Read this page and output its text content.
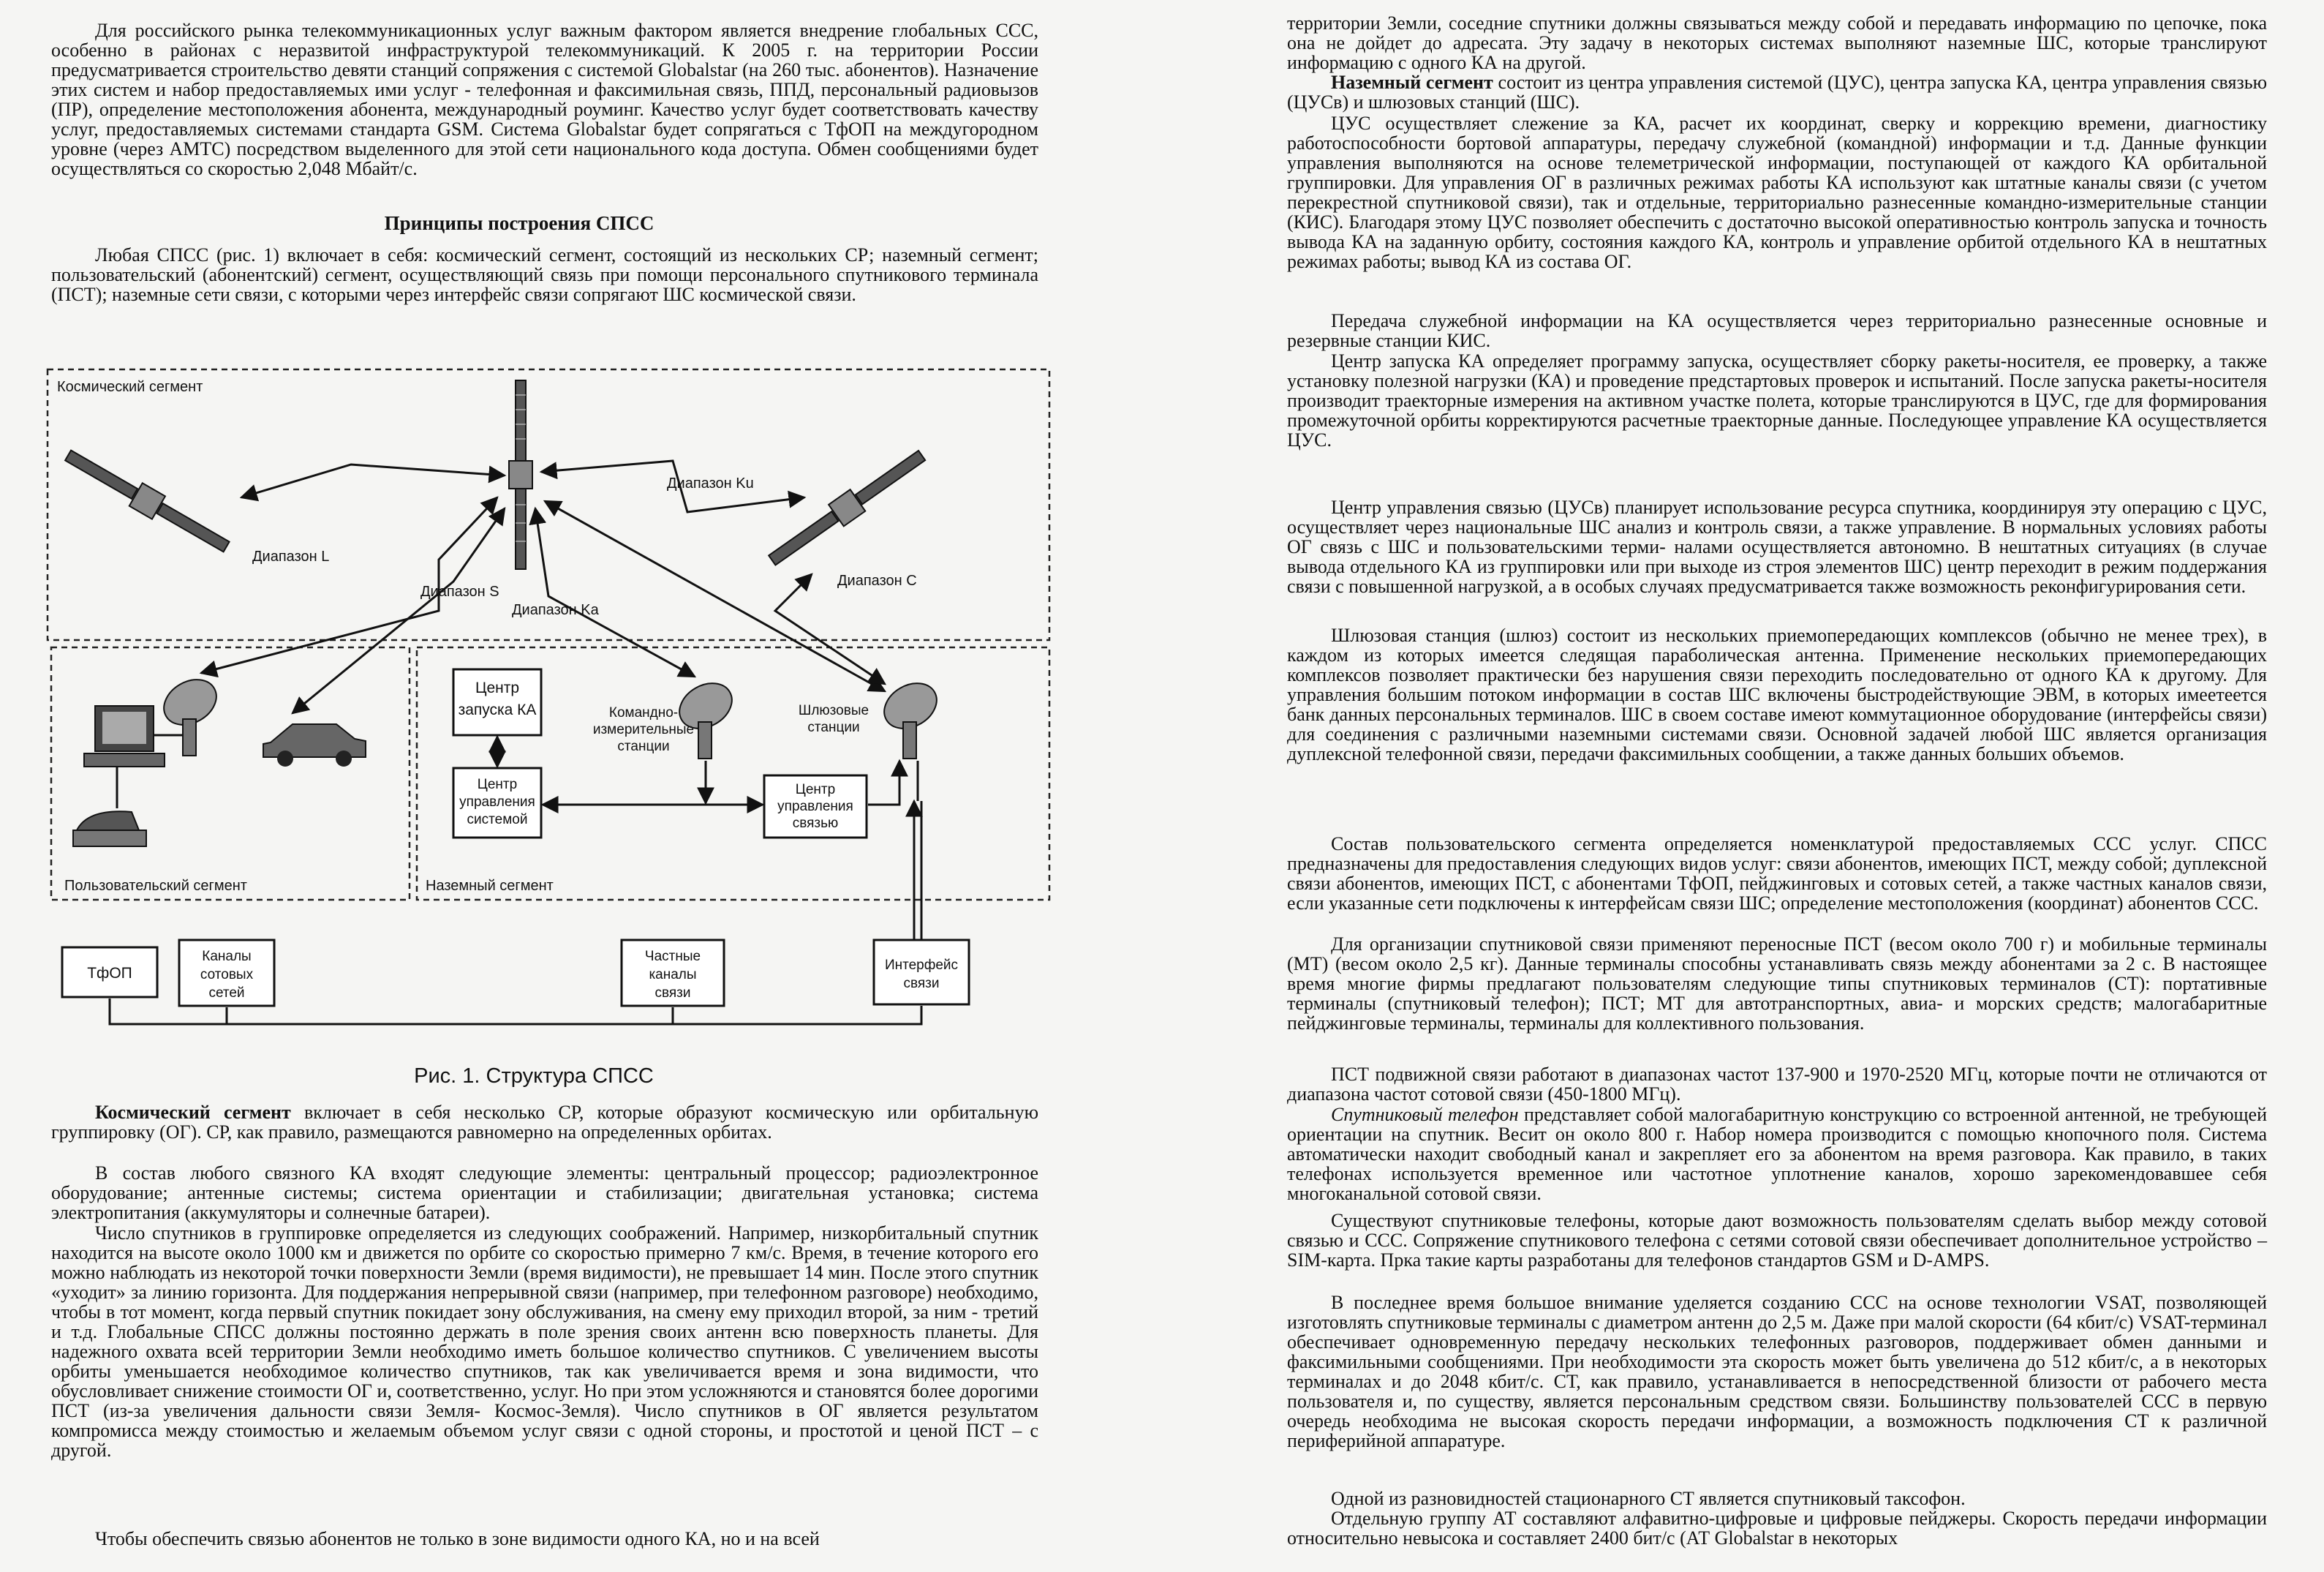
Для российского рынка телекоммуникационных услуг важным фактором является внедрение глобальных ССС, особенно в районах с неразвитой инфраструктурой телекоммуникаций. К 2005 г. на территории России предусматривается строительство девяти станций сопряжения с системой Globalstar (на 260 тыс. абонентов). Назначение этих систем и набор предоставляемых ими услуг - телефонная и факсимильная связь, ППД, персональный радиовызов (ПР), определение местоположения абонента, международный роуминг. Качество услуг будет соответствовать качеству услуг, предоставляемых системами стандарта GSM. Система Globalstar будет сопрягаться с ТфОП на междугородном уровне (через АМТС) посредством выделенного для этой сети национального кода доступа. Обмен сообщениями будет осуществляться со скоростью 2,048 Мбайт/с.

Принципы построения СПСС

Любая СПСС (рис. 1) включает в себя: космический сегмент, состоящий из нескольких СР; наземный сегмент; пользовательский (абонентский) сегмент, осуществляющий связь при помощи персонального спутникового терминала (ПСТ); наземные сети связи, с которыми через интерфейс связи сопрягают ШС космической связи.

Космический сегмент
Пользовательский сегмент	Наземный сегмент
Диапазон Ku
Диапазон L
Диапазон S
Диапазон Ka
Диапазон C
Центр
запуска КА
Центр
управления
системой
Командно-
измерительные
станции
Шлюзовые
станции
Центр
управления
связью
ТфОП
Каналы
сотовых
сетей
Частные
каналы
связи
Интерфейс
связи
Рис. 1. Структура СПСС

Космический сегмент включает в себя несколько СР, которые образуют космическую или орбитальную группировку (ОГ). СР, как правило, размещаются равномерно на определенных орбитах.

В состав любого связного КА входят следующие элементы: центральный процессор; радиоэлектронное оборудование; антенные системы; система ориентации и стабилизации; двигательная установка; система электропитания (аккумуляторы и солнечные батареи).

Число спутников в группировке определяется из следующих соображений. Например, низкорбитальный спутник находится на высоте около 1000 км и движется по орбите со скоростью примерно 7 км/с. Время, в течение которого его можно наблюдать из некоторой точки поверхности Земли (время видимости), не превышает 14 мин. После этого спутник «уходит» за линию горизонта. Для поддержания непрерывной связи (например, при телефонном разговоре) необходимо, чтобы в тот момент, когда первый спутник покидает зону обслуживания, на смену ему приходил второй, за ним - третий и т.д. Глобальные СПСС должны постоянно держать в поле зрения своих антенн всю поверхность планеты. Для надежного охвата всей территории Земли необходимо иметь большое количество спутников. С увеличением высоты орбиты уменьшается необходимое количество спутников, так как увеличивается время и зона видимости, что обусловливает снижение стоимости ОГ и, соответственно, услуг. Но при этом усложняются и становятся более дорогими ПСТ (из-за увеличения дальности связи Земля- Космос-Земля). Число спутников в ОГ является результатом компромисса между стоимостью и желаемым объемом услуг связи с одной стороны, и простотой и ценой ПСТ – с другой.

Чтобы обеспечить связью абонентов не только в зоне видимости одного КА, но и на всей

территории Земли, соседние спутники должны связываться между собой и передавать информацию по цепочке, пока она не дойдет до адресата. Эту задачу в некоторых системах выполняют наземные ШС, которые транслируют информацию с одного КА на другой.

Наземный сегмент состоит из центра управления системой (ЦУС), центра запуска КА, центра управления связью (ЦУСв) и шлюзовых станций (ШС).

ЦУС осуществляет слежение за КА, расчет их координат, сверку и коррекцию времени, диагностику работоспособности бортовой аппаратуры, передачу служебной (командной) информации и т.д. Данные функции управления выполняются на основе телеметрической информации, поступающей от каждого КА орбитальной группировки. Для управления ОГ в различных режимах работы КА используют как штатные каналы связи (с учетом перекрестной спутниковой связи), так и отдельные, территориально разнесенные командно-измерительные станции (КИС). Благодаря этому ЦУС позволяет обеспечить с достаточно высокой оперативностью контроль запуска и точность вывода КА на заданную орбиту, состояния каждого КА, контроль и управление орбитой отдельного КА в нештатных режимах работы; вывод КА из состава ОГ.

Передача служебной информации на КА осуществляется через территориально разнесенные основные и резервные станции КИС.

Центр запуска КА определяет программу запуска, осуществляет сборку ракеты-носителя, ее проверку, а также установку полезной нагрузки (КА) и проведение предстартовых проверок и испытаний. После запуска ракеты-носителя производит траекторные измерения на активном участке полета, которые транслируются в ЦУС, где для формирования промежуточной орбиты корректируются расчетные траекторные данные. Последующее управление КА осуществляется ЦУС.

Центр управления связью (ЦУСв) планирует использование ресурса спутника, координируя эту операцию с ЦУС, осуществляет через национальные ШС анализ и контроль связи, а также управление. В нормальных условиях работы ОГ связь с ШС и пользовательскими терми- налами осуществляется автономно. В нештатных ситуациях (в случае вывода отдельного КА из группировки или при выходе из строя элементов ШС) центр переходит в режим поддержания связи с повышенной нагрузкой, а в особых случаях предусматривается также возможность реконфигурирования сети.

Шлюзовая станция (шлюз) состоит из нескольких приемопередающих комплексов (обычно не менее трех), в каждом из которых имеется следящая параболическая антенна. Применение нескольких приемопередающих комплексов позволяет практически без нарушения связи переходить последовательно от одного КА к другому. Для управления большим потоком информации в состав ШС включены быстродействующие ЭВМ, в которых имеетеется банк данных персональных терминалов. ШС в своем составе имеют коммутационное оборудование (интерфейсы связи) для соединения с различными наземными системами связи. Основной задачей любой ШС является организация дуплексной телефонной связи, передачи факсимильных сообщении, а также данных больших объемов.

Состав пользовательского сегмента определяется номенклатурой предоставляемых ССС услуг. СПСС предназначены для предоставления следующих видов услуг: связи абонентов, имеющих ПСТ, между собой; дуплексной связи абонентов, имеющих ПСТ, с абонентами ТфОП, пейджинговых и сотовых сетей, а также частных каналов связи, если указанные сети подключены к интерфейсам связи ШС; определение местоположения (координат) абонентов ССС.

Для организации спутниковой связи применяют переносные ПСТ (весом около 700 г) и мобильные терминалы (МТ) (весом около 2,5 кг). Данные терминалы способны устанавливать связь между абонентами за 2 с. В настоящее время многие фирмы предлагают пользователям следующие типы спутниковых терминалов (СТ): портативные терминалы (спутниковый телефон); ПСТ; МТ для автотранспортных, авиа- и морских средств; малогабаритные пейджинговые терминалы, терминалы для коллективного пользования.

ПСТ подвижной связи работают в диапазонах частот 137-900 и 1970-2520 МГц, которые почти не отличаются от диапазона частот сотовой связи (450-1800 МГц).

Спутниковый телефон представляет собой малогабаритную конструкцию со встроенной антенной, не требующей ориентации на спутник. Весит он около 800 г. Набор номера производится с помощью кнопочного поля. Система автоматически находит свободный канал и закрепляет его за абонентом на время разговора. Как правило, в таких телефонах используется временное или частотное уплотнение каналов, хорошо зарекомендовавшее себя многоканальной сотовой связи.

Существуют спутниковые телефоны, которые дают возможность пользователям сделать выбор между сотовой связью и ССС. Сопряжение спутникового телефона с сетями сотовой связи обеспечивает дополнительное устройство – SIM-карта. Прка такие карты разработаны для телефонов стандартов GSM и D-AMPS.

В последнее время большое внимание уделяется созданию ССС на основе технологии VSAT, позволяющей изготовлять спутниковые терминалы с диаметром антенн до 2,5 м. Даже при малой скорости (64 кбит/с) VSAT-терминал обеспечивает одновременную передачу нескольких телефонных разговоров, поддерживает обмен данными и факсимильными сообщениями. При необходимости эта скорость может быть увеличена до 512 кбит/с, а в некоторых терминалах и до 2048 кбит/с. СТ, как правило, устанавливается в непосредственной близости от рабочего места пользователя и, по существу, является персональным средством связи. Большинству пользователей ССС в первую очередь необходима не высокая скорость передачи информации, а возможность подключения СТ к различной периферийной аппаратуре.

Одной из разновидностей стационарного СТ является спутниковый таксофон.

Отдельную группу АТ составляют алфавитно-цифровые и цифровые пейджеры. Скорость передачи информации относительно невысока и составляет 2400 бит/с (АТ Globalstar в некоторых
